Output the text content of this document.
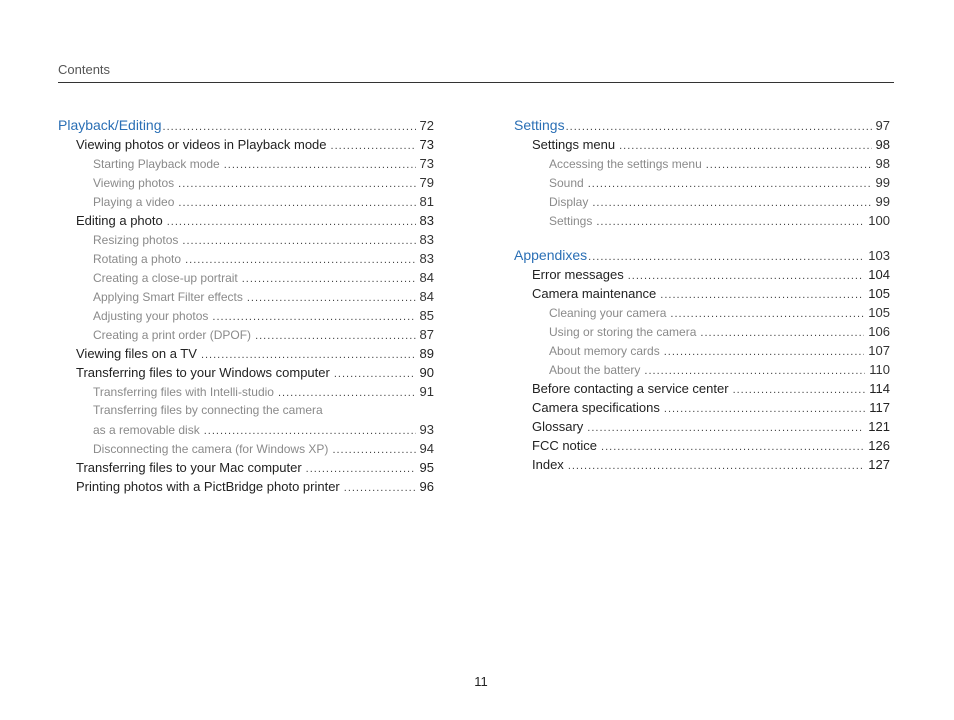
Contents
Playback/Editing .....	72
Viewing photos or videos in Playback mode .....	73
Starting Playback mode .....	73
Viewing photos .....	79
Playing a video .....	81
Editing a photo .....	83
Resizing photos .....	83
Rotating a photo .....	83
Creating a close-up portrait .....	84
Applying Smart Filter effects .....	84
Adjusting your photos .....	85
Creating a print order (DPOF) .....	87
Viewing files on a TV .....	89
Transferring files to your Windows computer .....	90
Transferring files with Intelli-studio .....	91
Transferring files by connecting the camera
as a removable disk .....	93
Disconnecting the camera (for Windows XP) .....	94
Transferring files to your Mac computer .....	95
Printing photos with a PictBridge photo printer .....	96
Settings .....	97
Settings menu .....	98
Accessing the settings menu .....	98
Sound .....	99
Display .....	99
Settings .....	100
Appendixes .....	103
Error messages .....	104
Camera maintenance .....	105
Cleaning your camera .....	105
Using or storing the camera .....	106
About memory cards .....	107
About the battery .....	110
Before contacting a service center .....	114
Camera specifications .....	117
Glossary .....	121
FCC notice .....	126
Index .....	127
11
